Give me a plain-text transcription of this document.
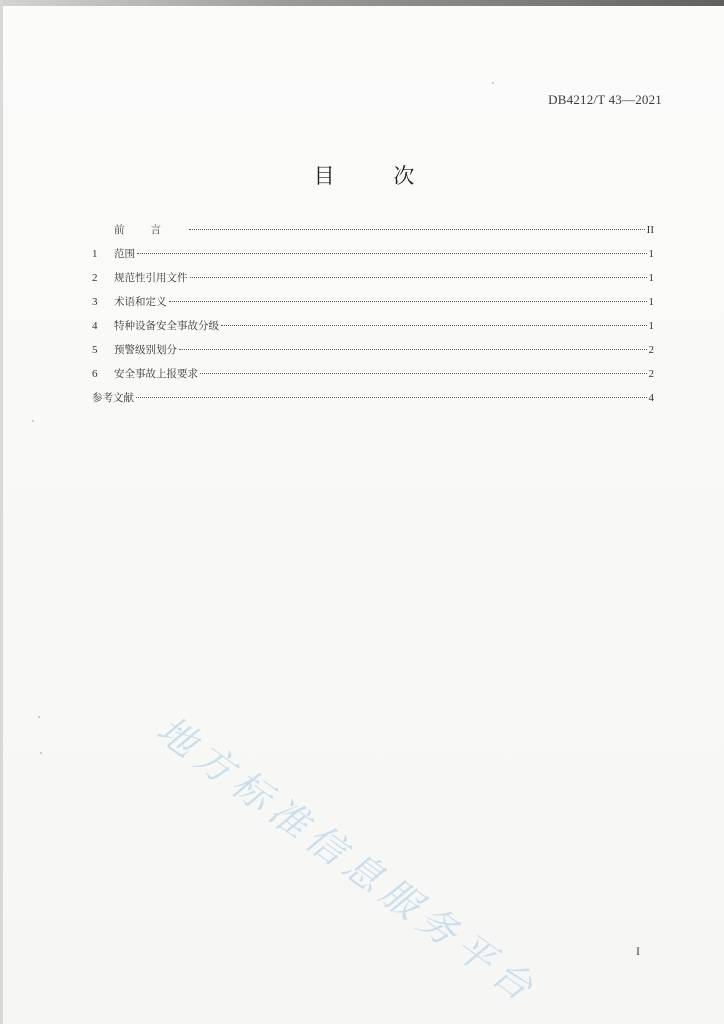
DB4212/T 43—2021
目 次
前言	II
1	范围	1
2	规范性引用文件	1
3	术语和定义	1
4	特种设备安全事故分级	1
5	预警级别划分	2
6	安全事故上报要求	2
参考文献	4
地方标准信息服务平台	I
